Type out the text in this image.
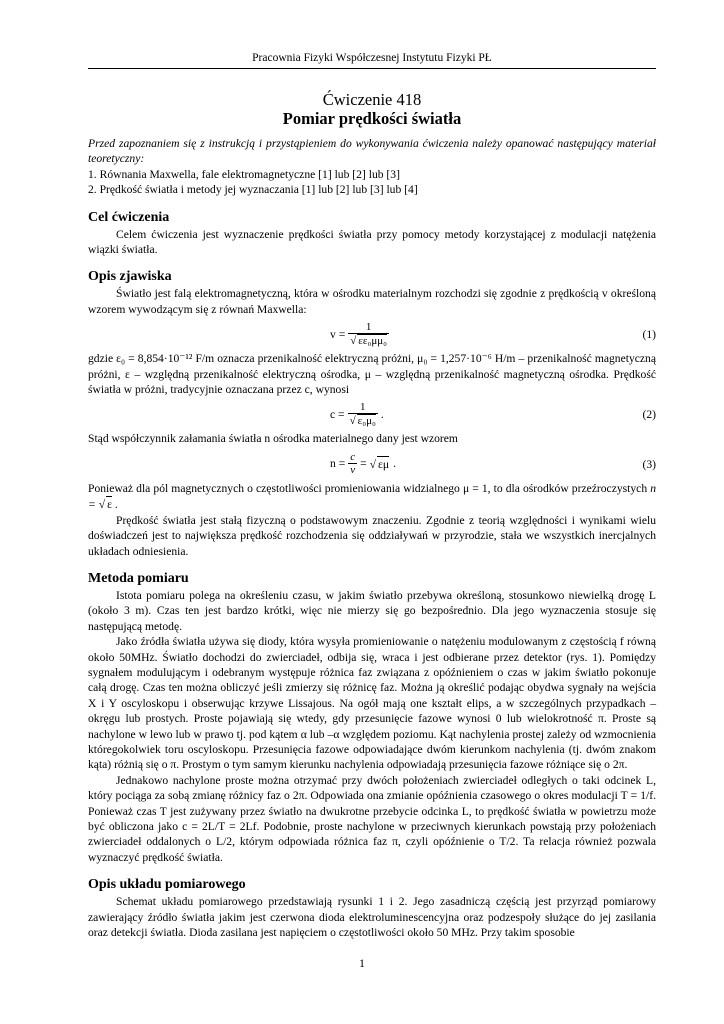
Pracownia Fizyki Współczesnej Instytutu Fizyki PŁ
Ćwiczenie 418
Pomiar prędkości światła

Przed zapoznaniem się z instrukcją i przystąpieniem do wykonywania ćwiczenia należy opanować następujący materiał teoretyczny:

1. Równania Maxwella, fale elektromagnetyczne [1] lub [2] lub [3]
2. Prędkość światła i metody jej wyznaczania [1] lub [2] lub [3] lub [4]
Cel ćwiczenia

Celem ćwiczenia jest wyznaczenie prędkości światła przy pomocy metody korzystającej z modulacji natężenia wiązki światła.

Opis zjawiska

Światło jest falą elektromagnetyczną, która w ośrodku materialnym rozchodzi się zgodnie z prędkością v określoną wzorem wywodzącym się z równań Maxwella:

$v = \frac{1}{\text{√ εε₀μμ₀}}$	(1)

gdzie ε₀ = 8,854·10⁻¹² F/m oznacza przenikalność elektryczną próżni, μ₀ = 1,257·10⁻⁶ H/m – przenikalność magnetyczną próżni, ε – względną przenikalność elektryczną ośrodka, μ – względną przenikalność magnetyczną ośrodka. Prędkość światła w próżni, tradycyjnie oznaczana przez c, wynosi

$c = \frac{1}{\text{√ ε₀μ₀}}$ .	(2)

Stąd współczynnik załamania światła n ośrodka materialnego dany jest wzorem

$n = \frac{c}{v}$ = √ εμ .	(3)

Ponieważ dla pól magnetycznych o częstotliwości promieniowania widzialnego μ = 1, to dla ośrodków przeźroczystych n = √ ε .

Prędkość światła jest stałą fizyczną o podstawowym znaczeniu. Zgodnie z teorią względności i wynikami wielu doświadczeń jest to największa prędkość rozchodzenia się oddziaływań w przyrodzie, stała we wszystkich inercjalnych układach odniesienia.

Metoda pomiaru

Istota pomiaru polega na określeniu czasu, w jakim światło przebywa określoną, stosunkowo niewielką drogę L (około 3 m). Czas ten jest bardzo krótki, więc nie mierzy się go bezpośrednio. Dla jego wyznaczenia stosuje się następującą metodę.

Jako źródła światła używa się diody, która wysyła promieniowanie o natężeniu modulowanym z częstością f równą około 50MHz. Światło dochodzi do zwierciadeł, odbija się, wraca i jest odbierane przez detektor (rys. 1). Pomiędzy sygnałem modulującym i odebranym występuje różnica faz związana z opóźnieniem o czas w jakim światło pokonuje całą drogę. Czas ten można obliczyć jeśli zmierzy się różnicę faz. Można ją określić podając obydwa sygnały na wejścia X i Y oscyloskopu i obserwując krzywe Lissajous. Na ogół mają one kształt elips, a w szczególnych przypadkach – okręgu lub prostych. Proste pojawiają się wtedy, gdy przesunięcie fazowe wynosi 0 lub wielokrotność π. Proste są nachylone w lewo lub w prawo tj. pod kątem α lub –α względem poziomu. Kąt nachylenia prostej zależy od wzmocnienia któregokolwiek toru oscyloskopu. Przesunięcia fazowe odpowiadające dwóm kierunkom nachylenia (tj. dwóm znakom kąta) różnią się o π. Prostym o tym samym kierunku nachylenia odpowiadają przesunięcia fazowe różniące się o 2π.

Jednakowo nachylone proste można otrzymać przy dwóch położeniach zwierciadeł odległych o taki odcinek L, który pociąga za sobą zmianę różnicy faz o 2π. Odpowiada ona zmianie opóźnienia czasowego o okres modulacji T = 1/f. Ponieważ czas T jest zużywany przez światło na dwukrotne przebycie odcinka L, to prędkość światła w powietrzu może być obliczona jako c = 2L/T = 2Lf. Podobnie, proste nachylone w przeciwnych kierunkach powstają przy położeniach zwierciadeł oddalonych o L/2, którym odpowiada różnica faz π, czyli opóźnienie o T/2. Ta relacja również pozwala wyznaczyć prędkość światła.

Opis układu pomiarowego

Schemat układu pomiarowego przedstawiają rysunki 1 i 2. Jego zasadniczą częścią jest przyrząd pomiarowy zawierający źródło światła jakim jest czerwona dioda elektroluminescencyjna oraz podzespoły służące do jej zasilania oraz detekcji światła. Dioda zasilana jest napięciem o częstotliwości około 50 MHz. Przy takim sposobie

1
